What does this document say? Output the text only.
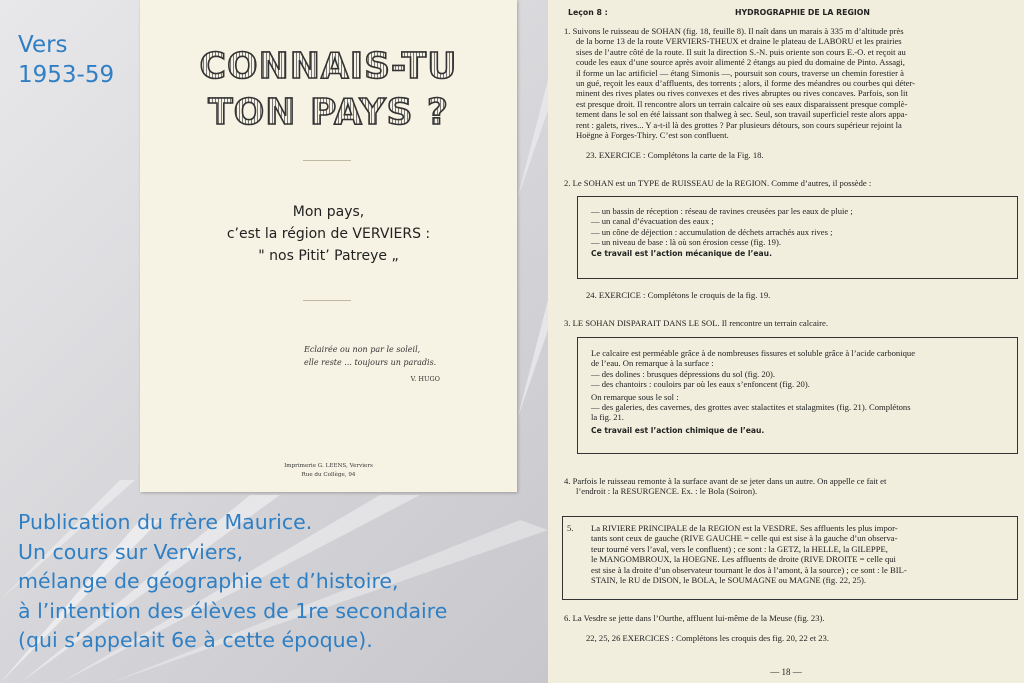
Vers
1953-59
Publication du frère Maurice.
Un cours sur Verviers,
mélange de géographie et d’histoire,
à l’intention des élèves de 1re secondaire
(qui s’appelait 6e à cette époque).
CONNAIS-TU
TON PAYS ?
Mon pays,
c’est la région de VERVIERS :
" nos Pitit’ Patreye „
Eclairée ou non par le soleil,
elle reste ... toujours un paradis.
V. HUGO
Imprimerie G. LEENS, Verviers
Rue du Collège, 94
Leçon 8 :	HYDROGRAPHIE DE LA REGION
1. Suivons le ruisseau de SOHAN (fig. 18, feuille 8). Il naît dans un marais à 335 m d’altitude près
de la borne 13 de la route VERVIERS-THEUX et draine le plateau de LABORU et les prairies
sises de l’autre côté de la route. Il suit la direction S.-N. puis oriente son cours E.-O. et reçoit au
coude les eaux d’une source après avoir alimenté 2 étangs au pied du domaine de Pinto. Assagi,
il forme un lac artificiel — étang Simonis —, poursuit son cours, traverse un chemin forestier à
un gué, reçoit les eaux d’affluents, des torrents ; alors, il forme des méandres ou courbes qui déter-
minent des rives plates ou rives convexes et des rives abruptes ou rives concaves. Parfois, son lit
est presque droit. Il rencontre alors un terrain calcaire où ses eaux disparaissent presque complè-
tement dans le sol en été laissant son thalweg à sec. Seul, son travail superficiel reste alors appa-
rent : galets, rives... Y a-t-il là des grottes ? Par plusieurs détours, son cours supérieur rejoint la
Hoëgne à Forges-Thiry. C’est son confluent.
23. EXERCICE : Complétons la carte de la Fig. 18.
2. Le SOHAN est un TYPE de RUISSEAU de la REGION. Comme d’autres, il possède :
— un bassin de réception : réseau de ravines creusées par les eaux de pluie ;
— un canal d’évacuation des eaux ;
— un cône de déjection : accumulation de déchets arrachés aux rives ;
— un niveau de base : là où son érosion cesse (fig. 19).
Ce travail est l’action mécanique de l’eau.
24. EXERCICE : Complétons le croquis de la fig. 19.
3. LE SOHAN DISPARAIT DANS LE SOL. Il rencontre un terrain calcaire.
Le calcaire est perméable grâce à de nombreuses fissures et soluble grâce à l’acide carbonique
de l’eau. On remarque à la surface :
— des dolines : brusques dépressions du sol (fig. 20).
— des chantoirs : couloirs par où les eaux s’enfoncent (fig. 20).
On remarque sous le sol :
— des galeries, des cavernes, des grottes avec stalactites et stalagmites (fig. 21). Complétons
la fig. 21.
Ce travail est l’action chimique de l’eau.
4. Parfois le ruisseau remonte à la surface avant de se jeter dans un autre. On appelle ce fait et
l’endroit : la RESURGENCE. Ex. : le Bola (Soiron).
5. La RIVIERE PRINCIPALE de la REGION est la VESDRE. Ses affluents les plus impor-
tants sont ceux de gauche (RIVE GAUCHE = celle qui est sise à la gauche d’un observa-
teur tourné vers l’aval, vers le confluent) ; ce sont : la GETZ, la HELLE, la GILEPPE,
le MANGOMBROUX, la HOEGNE. Les affluents de droite (RIVE DROITE = celle qui
est sise à la droite d’un observateur tournant le dos à l’amont, à la source) ; ce sont : le BIL-
STAIN, le RU de DISON, le BOLA, le SOUMAGNE ou MAGNE (fig. 22, 25).
6. La Vesdre se jette dans l’Ourthe, affluent lui-même de la Meuse (fig. 23).
22, 25, 26 EXERCICES : Complétons les croquis des fig. 20, 22 et 23.
— 18 —
